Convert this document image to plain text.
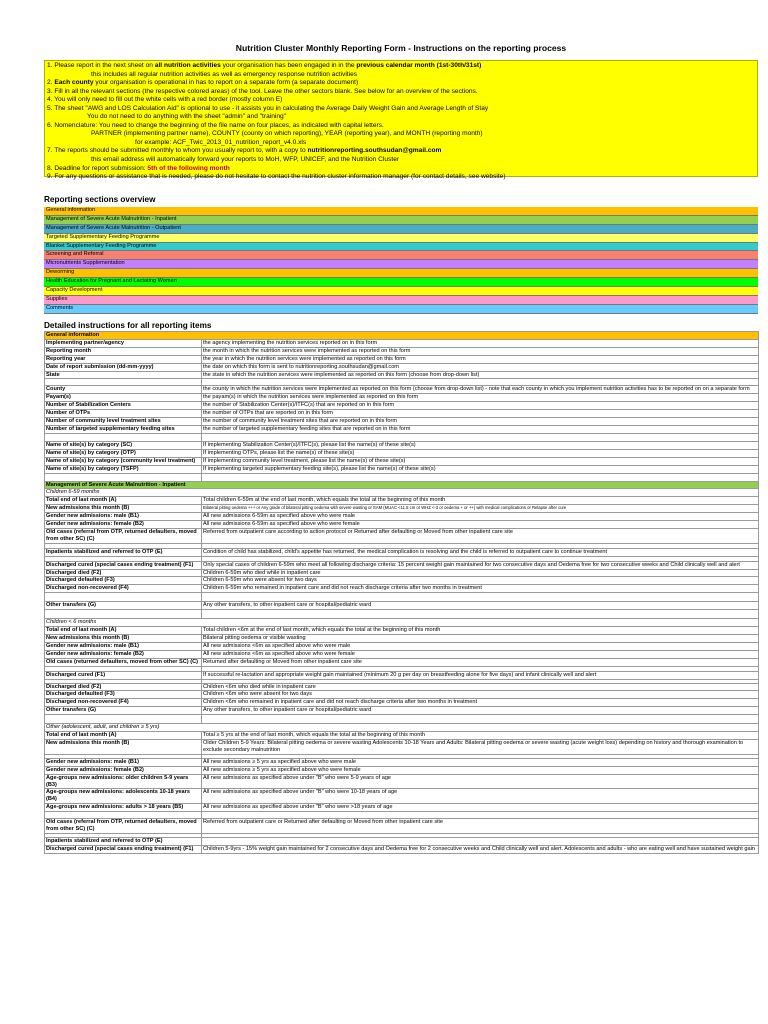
Nutrition Cluster Monthly Reporting Form - Instructions on the reporting process
1. Please report in the next sheet on all nutrition activities your organisation has been engaged in in the previous calendar month (1st-30th/31st)
this includes all regular nutrition activities as well as emergency response nutrition activities
2. Each county your organisation is operational in has to report on a separate form (a separate document)
3. Fill in all the relevant sections (the respective colored areas) of the tool. Leave the other sectors blank. See below for an overview of the sections.
4. You will only need to fill out the white cells with a red border (mostly column E)
5. The sheet "AWG and LOS Calculation Aid" is optional to use - it assists you in calculating the Average Daily Weight Gain and Average Length of Stay
You do not need to do anything with the sheet "admin" and "training"
6. Nomenclature: You need to change the beginning of the file name on four places, as indicated with capital letters.
PARTNER (implementing partner name), COUNTY (county on which reporting), YEAR (reporting year), and MONTH (reporting month)
for example: ACF_Twic_2013_01_nutrition_report_v4.0.xls
7. The reports should be submitted monthly to whom you usually report to, with a copy to nutritionreporting.southsudan@gmail.com
this email address will automatically forward your reports to MoH, WFP, UNICEF, and the Nutrition Cluster
8. Deadline for report submission: 5th of the following month
9. For any questions or assistance that is needed, please do not hesitate to contact the nutrition cluster information manager (for contact details, see website)
Reporting sections overview
General information
Management of Severe Acute Malnutrition - Inpatient
Management of Severe Acute Malnutrition - Outpatient
Targeted Supplementary Feeding Programme
Blanket Supplementary Feeding Programme
Screening and Referral
Micronutrients Supplementation
Deworming
Health Education for Pregnant and Lactating Women
Capacity Development
Supplies
Comments
Detailed instructions for all reporting items
General information	
Implementing partner/agency	the agency implementing the nutrition services reported on in this form
Reporting month	the month in which the nutrition services were implemented as reported on this form
Reporting year	the year in which the nutrition services were implemented as reported on this form
Date of report submission (dd-mm-yyyy)	the date on which this form is sent to nutritionreporting.southsudan@gmail.com
State	the state in which the nutrition services were implemented as reported on this form (choose from drop-down list)

County	the county in which the nutrition services were implemented as reported on this form (choose from drop-down list) - note that each county in which you implement nutrition activities has to be reported on on a separate form
Payam(s)	the payam(s) in which the nutrition services were implemented as reported on this form
Number of Stabilization Centers	the number of Stabilization Center(s)/ITFC(s) that are reported on in this form
Number of OTPs	the number of OTPs that are reported on in this form
Number of community level treatment sites	the number of community level treatment sites that are reported on in this form
Number of targeted supplementary feeding sites	the number of targeted supplementary feeding sites that are reported on in this form

Name of site(s) by category (SC)	If implementing Stabilization Center(s)/ITFC(s), please list the name(s) of these site(s)
Name of site(s) by category (OTP)	If implementing OTPs, please list the name(s) of these site(s)
Name of site(s) by category (community level treatment)	If implementing community level treatment, please list the name(s) of these site(s)
Name of site(s) by category (TSFP)	If implementing targeted supplementary feeding site(s), please list the name(s) of these site(s)

Management of Severe Acute Malnutrition - Inpatient	
Children 6-59 months	
Total end of last month (A)	Total children 6-59m at the end of last month, which equals the total at the beginning of this month
New admissions this month (B)	Bilateral pitting oedema +++ or Any grade of bilateral pitting oedema with severe wasting or SAM (MUAC <11.5 cm or WHZ <-3 or oedema + or ++) with medical complications or Relapse after cure
Gender new admissions: male (B1)	All new admissions 6-59m as specified above who were male
Gender new admissions: female (B2)	All new admissions 6-59m as specified above who were female
Old cases (referral from OTP, returned defaulters, moved from other SC) (C)	Referred from outpatient care according to action protocol or Returned after defaulting or Moved from other inpatient care site

Inpatients stabilized and referred to OTP (E)	Condition of child has stabilized, child's appetite has returned, the medical complication is resolving and the child is referred to outpatient care to continue treatment

Discharged cured (special cases ending treatment) (F1)	Only special cases of children 6-59m who meet all following discharge criteria: 15 percent weight gain maintained for two consecutive days and Oedema free for two consecutive weeks and Child clinically well and alert
Discharged died (F2)	Children 6-59m who died while in inpatient care
Discharged defaulted (F3)	Children 6-59m who were absent for two days
Discharged non-recovered (F4)	Children 6-59m who remained in inpatient care and did not reach discharge criteria after two months in treatment

Other transfers (G)	Any other transfers, to other inpatient care or hospital/pediatric ward

Children < 6 months	
Total end of last month (A)	Total children <6m at the end of last month, which equals the total at the beginning of this month
New admissions this month (B)	Bilateral pitting oedema or visible wasting
Gender new admissions: male (B1)	All new admissions <6m as specified above who were male
Gender new admissions: female (B2)	All new admissions <6m as specified above who were female
Old cases (returned defaulters, moved from other SC) (C)	Returned after defaulting or Moved from other inpatient care site

Discharged cured (F1)	If successful re-lactation and appropriate weight gain maintained (minimum 20 g per day on breastfeeding alone for five days) and infant clinically well and alert

Discharged died (F2)	Children <6m who died while in inpatient care
Discharged defaulted (F3)	Children <6m who were absent for two days
Discharged non-recovered (F4)	Children <6m who remained in inpatient care and did not reach discharge criteria after two months in treatment
Other transfers (G)	Any other transfers, to other inpatient care or hospital/pediatric ward

Other (adolescent, adult, and children ≥ 5 yrs)	
Total end of last month (A)	Total ≥ 5 yrs at the end of last month, which equals the total at the beginning of this month
New admissions this month (B)	Older Children 5-9 Years: Bilateral pitting oedema or severe wasting Adolescents 10-18 Years and Adults: Bilateral pitting oedema or severe wasting (acute weight loss) depending on history and thorough examination to exclude secondary malnutrition

Gender new admissions: male (B1)	All new admissions ≥ 5 yrs as specified above who were male
Gender new admissions: female (B2)	All new admissions ≥ 5 yrs as specified above who were female
Age-groups new admissions: older children 5-9 years (B3)	All new admissions as specified above under "B" who were 5-9 years of age
Age-groups new admissions: adolescents 10-18 years (B4)	All new admissions as specified above under "B" who were 10-18 years of age
Age-groups new admissions: adults > 18 years (B5)	All new admissions as specified above under "B" who were >18 years of age

Old cases (referral from OTP, returned defaulters, moved from other SC) (C)	Referred from outpatient care or Returned after defaulting or Moved from other inpatient care site

Inpatients stabilized and referred to OTP (E)	
Discharged cured (special cases ending treatment) (F1)	Children 5-9yrs - 15% weight gain maintained for 2 consecutive days and Oedema free for 2 consecutive weeks and Child clinically well and alert. Adolescents and adults - who are eating well and have sustained weight gain
